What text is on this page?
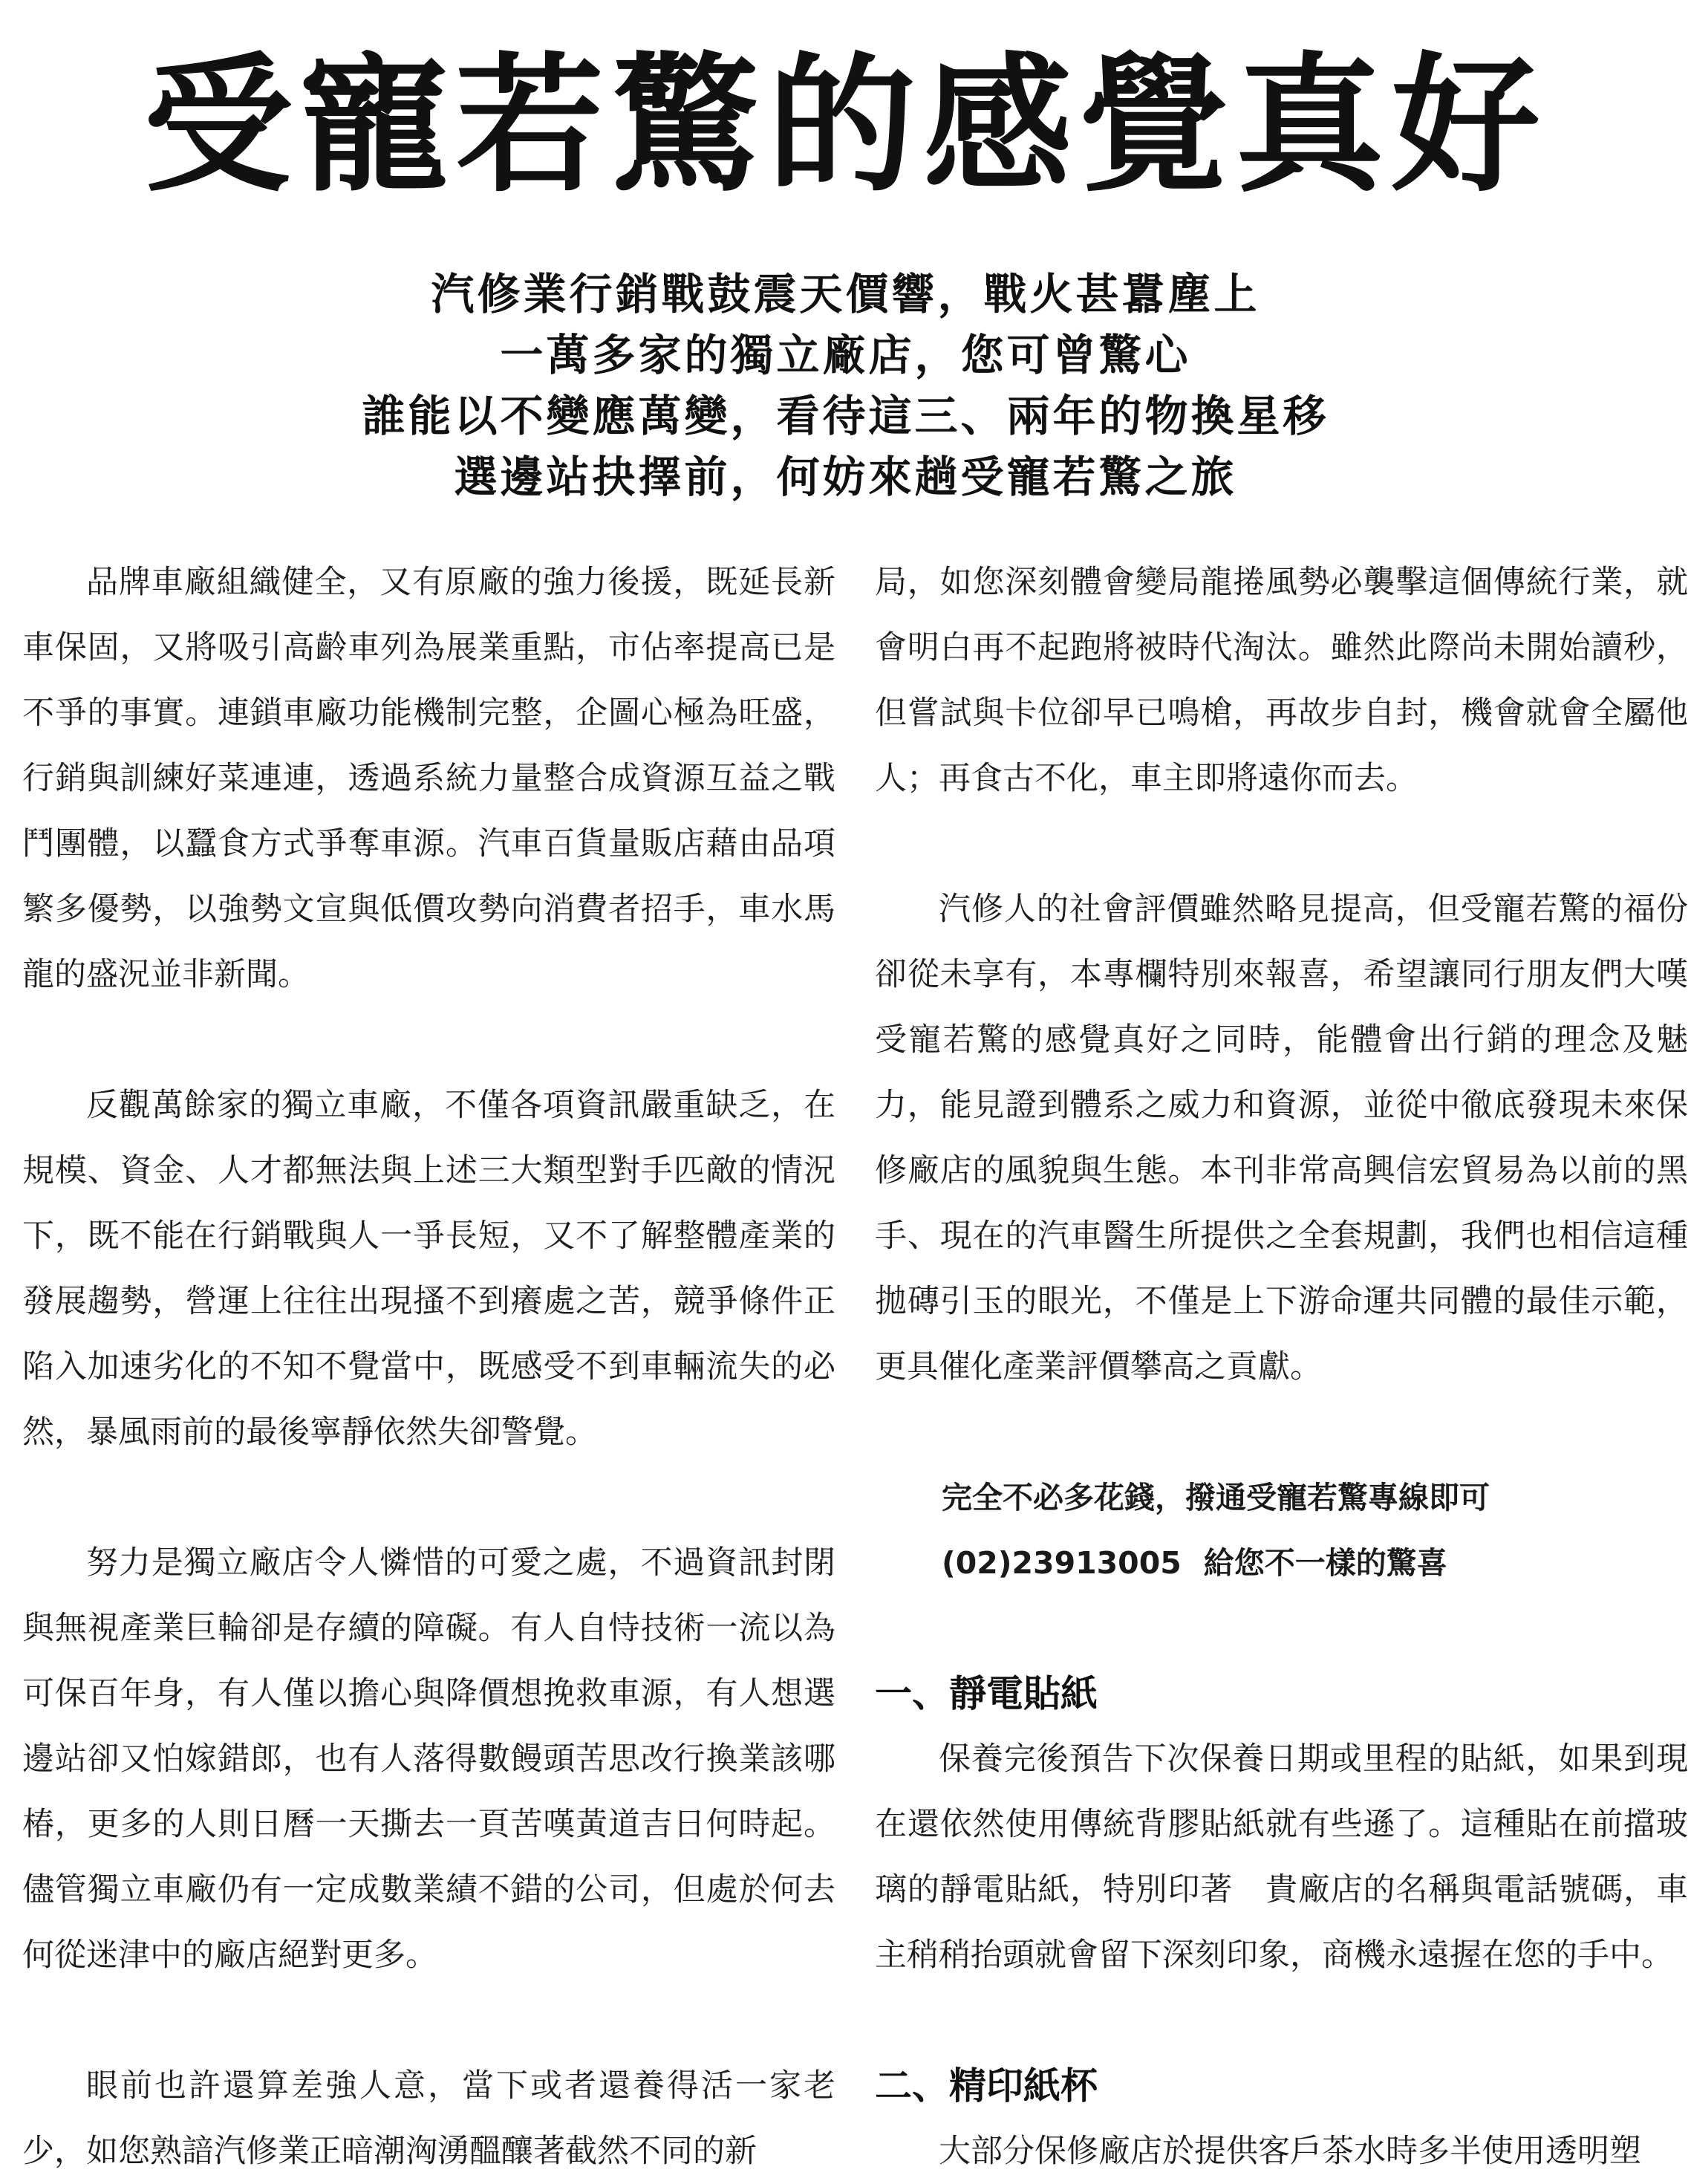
受寵若驚的感覺真好
汽修業行銷戰鼓震天價響，戰火甚囂塵上
一萬多家的獨立廠店，您可曾驚心
誰能以不變應萬變，看待這三、兩年的物換星移
選邊站抉擇前，何妨來趟受寵若驚之旅

品牌車廠組織健全，又有原廠的強力後援，既延長新車保固，又將吸引高齡車列為展業重點，市佔率提高已是不爭的事實。連鎖車廠功能機制完整，企圖心極為旺盛，行銷與訓練好菜連連，透過系統力量整合成資源互益之戰鬥團體，以蠶食方式爭奪車源。汽車百貨量販店藉由品項繁多優勢，以強勢文宣與低價攻勢向消費者招手，車水馬龍的盛況並非新聞。

反觀萬餘家的獨立車廠，不僅各項資訊嚴重缺乏，在規模、資金、人才都無法與上述三大類型對手匹敵的情況下，既不能在行銷戰與人一爭長短，又不了解整體產業的發展趨勢，營運上往往出現搔不到癢處之苦，競爭條件正陷入加速劣化的不知不覺當中，既感受不到車輛流失的必然，暴風雨前的最後寧靜依然失卻警覺。

努力是獨立廠店令人憐惜的可愛之處，不過資訊封閉與無視產業巨輪卻是存續的障礙。有人自恃技術一流以為可保百年身，有人僅以擔心與降價想挽救車源，有人想選邊站卻又怕嫁錯郎，也有人落得數饅頭苦思改行換業該哪椿，更多的人則日曆一天撕去一頁苦嘆黃道吉日何時起。儘管獨立車廠仍有一定成數業績不錯的公司，但處於何去何從迷津中的廠店絕對更多。

眼前也許還算差強人意，當下或者還養得活一家老少，如您熟諳汽修業正暗潮洶湧醞釀著截然不同的新

局，如您深刻體會變局龍捲風勢必襲擊這個傳統行業，就會明白再不起跑將被時代淘汰。雖然此際尚未開始讀秒，但嘗試與卡位卻早已鳴槍，再故步自封，機會就會全屬他人；再食古不化，車主即將遠你而去。

汽修人的社會評價雖然略見提高，但受寵若驚的福份卻從未享有，本專欄特別來報喜，希望讓同行朋友們大嘆受寵若驚的感覺真好之同時，能體會出行銷的理念及魅力，能見證到體系之威力和資源，並從中徹底發現未來保修廠店的風貌與生態。本刊非常高興信宏貿易為以前的黑手、現在的汽車醫生所提供之全套規劃，我們也相信這種拋磚引玉的眼光，不僅是上下游命運共同體的最佳示範，更具催化產業評價攀高之貢獻。

完全不必多花錢，撥通受寵若驚專線即可

(02)23913005 給您不一樣的驚喜

一、靜電貼紙

保養完後預告下次保養日期或里程的貼紙，如果到現在還依然使用傳統背膠貼紙就有些遜了。這種貼在前擋玻璃的靜電貼紙，特別印著　貴廠店的名稱與電話號碼，車主稍稍抬頭就會留下深刻印象，商機永遠握在您的手中。

二、精印紙杯

大部分保修廠店於提供客戶茶水時多半使用透明塑
